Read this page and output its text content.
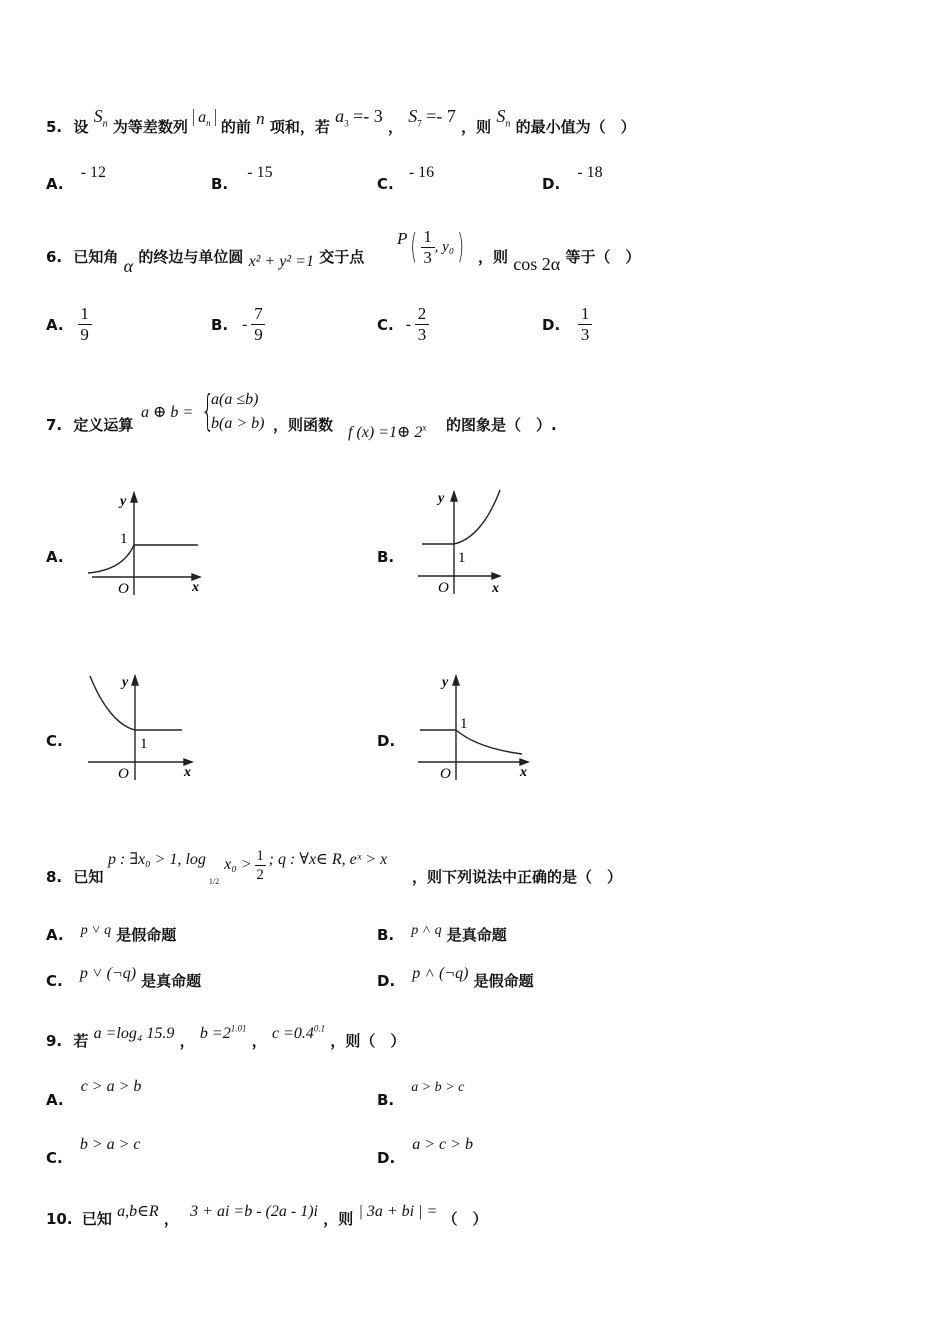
5. 设 $S_n$ 为等差数列 $a_n$ 的前 n 项和，若 $a_3 =- 3$ ， $S_7 =- 7$ ，则 $S_n$ 的最小值为（　）
A. - 12
B. - 15
C. - 16
D. - 18
6. 已知角 α 的终边与单位圆 x² + y² =1 交于点
P ( $\frac{1}{3}$ , y₀ ) ，则 cos 2α 等于（　）
A. $\frac{1}{9}$	B. - $\frac{7}{9}$	C. - $\frac{2}{3}$	D. $\frac{1}{3}$
7. 定义运算
a ⊕ b = {
a(a ≤b)
b(a > b) ，则函数 f (x) =1⊕ 2$^x$ 的图象是（　）.
A.
y
x
O
1
B.
y
x
O
1
C.
y
x
O
1	D.
y
x
O
1
8. 已知
p : ∃x₀ > 1, log
1/2
$x_0 > \frac{1}{2}$ ; q : ∀x∈ R, eˣ > x
，则下列说法中正确的是（　）
A. p ˅ q 是假命题	B. p ˄ q 是真命题
C. p ˅ (¬q) 是真命题	D. p ˄ (¬q) 是假命题
9. 若 a =log₄ 15.9 ， $b =2^{1.01}$ ， $c =0.4^{0.1}$ ，则（　）
A. c > a > b
B. a > b > c
C. b > a > c
D. a > c > b
10. 已知 a,b∈R ， 3 + ai =b - (2a - 1)i ，则 | 3a + bi | = （　）
